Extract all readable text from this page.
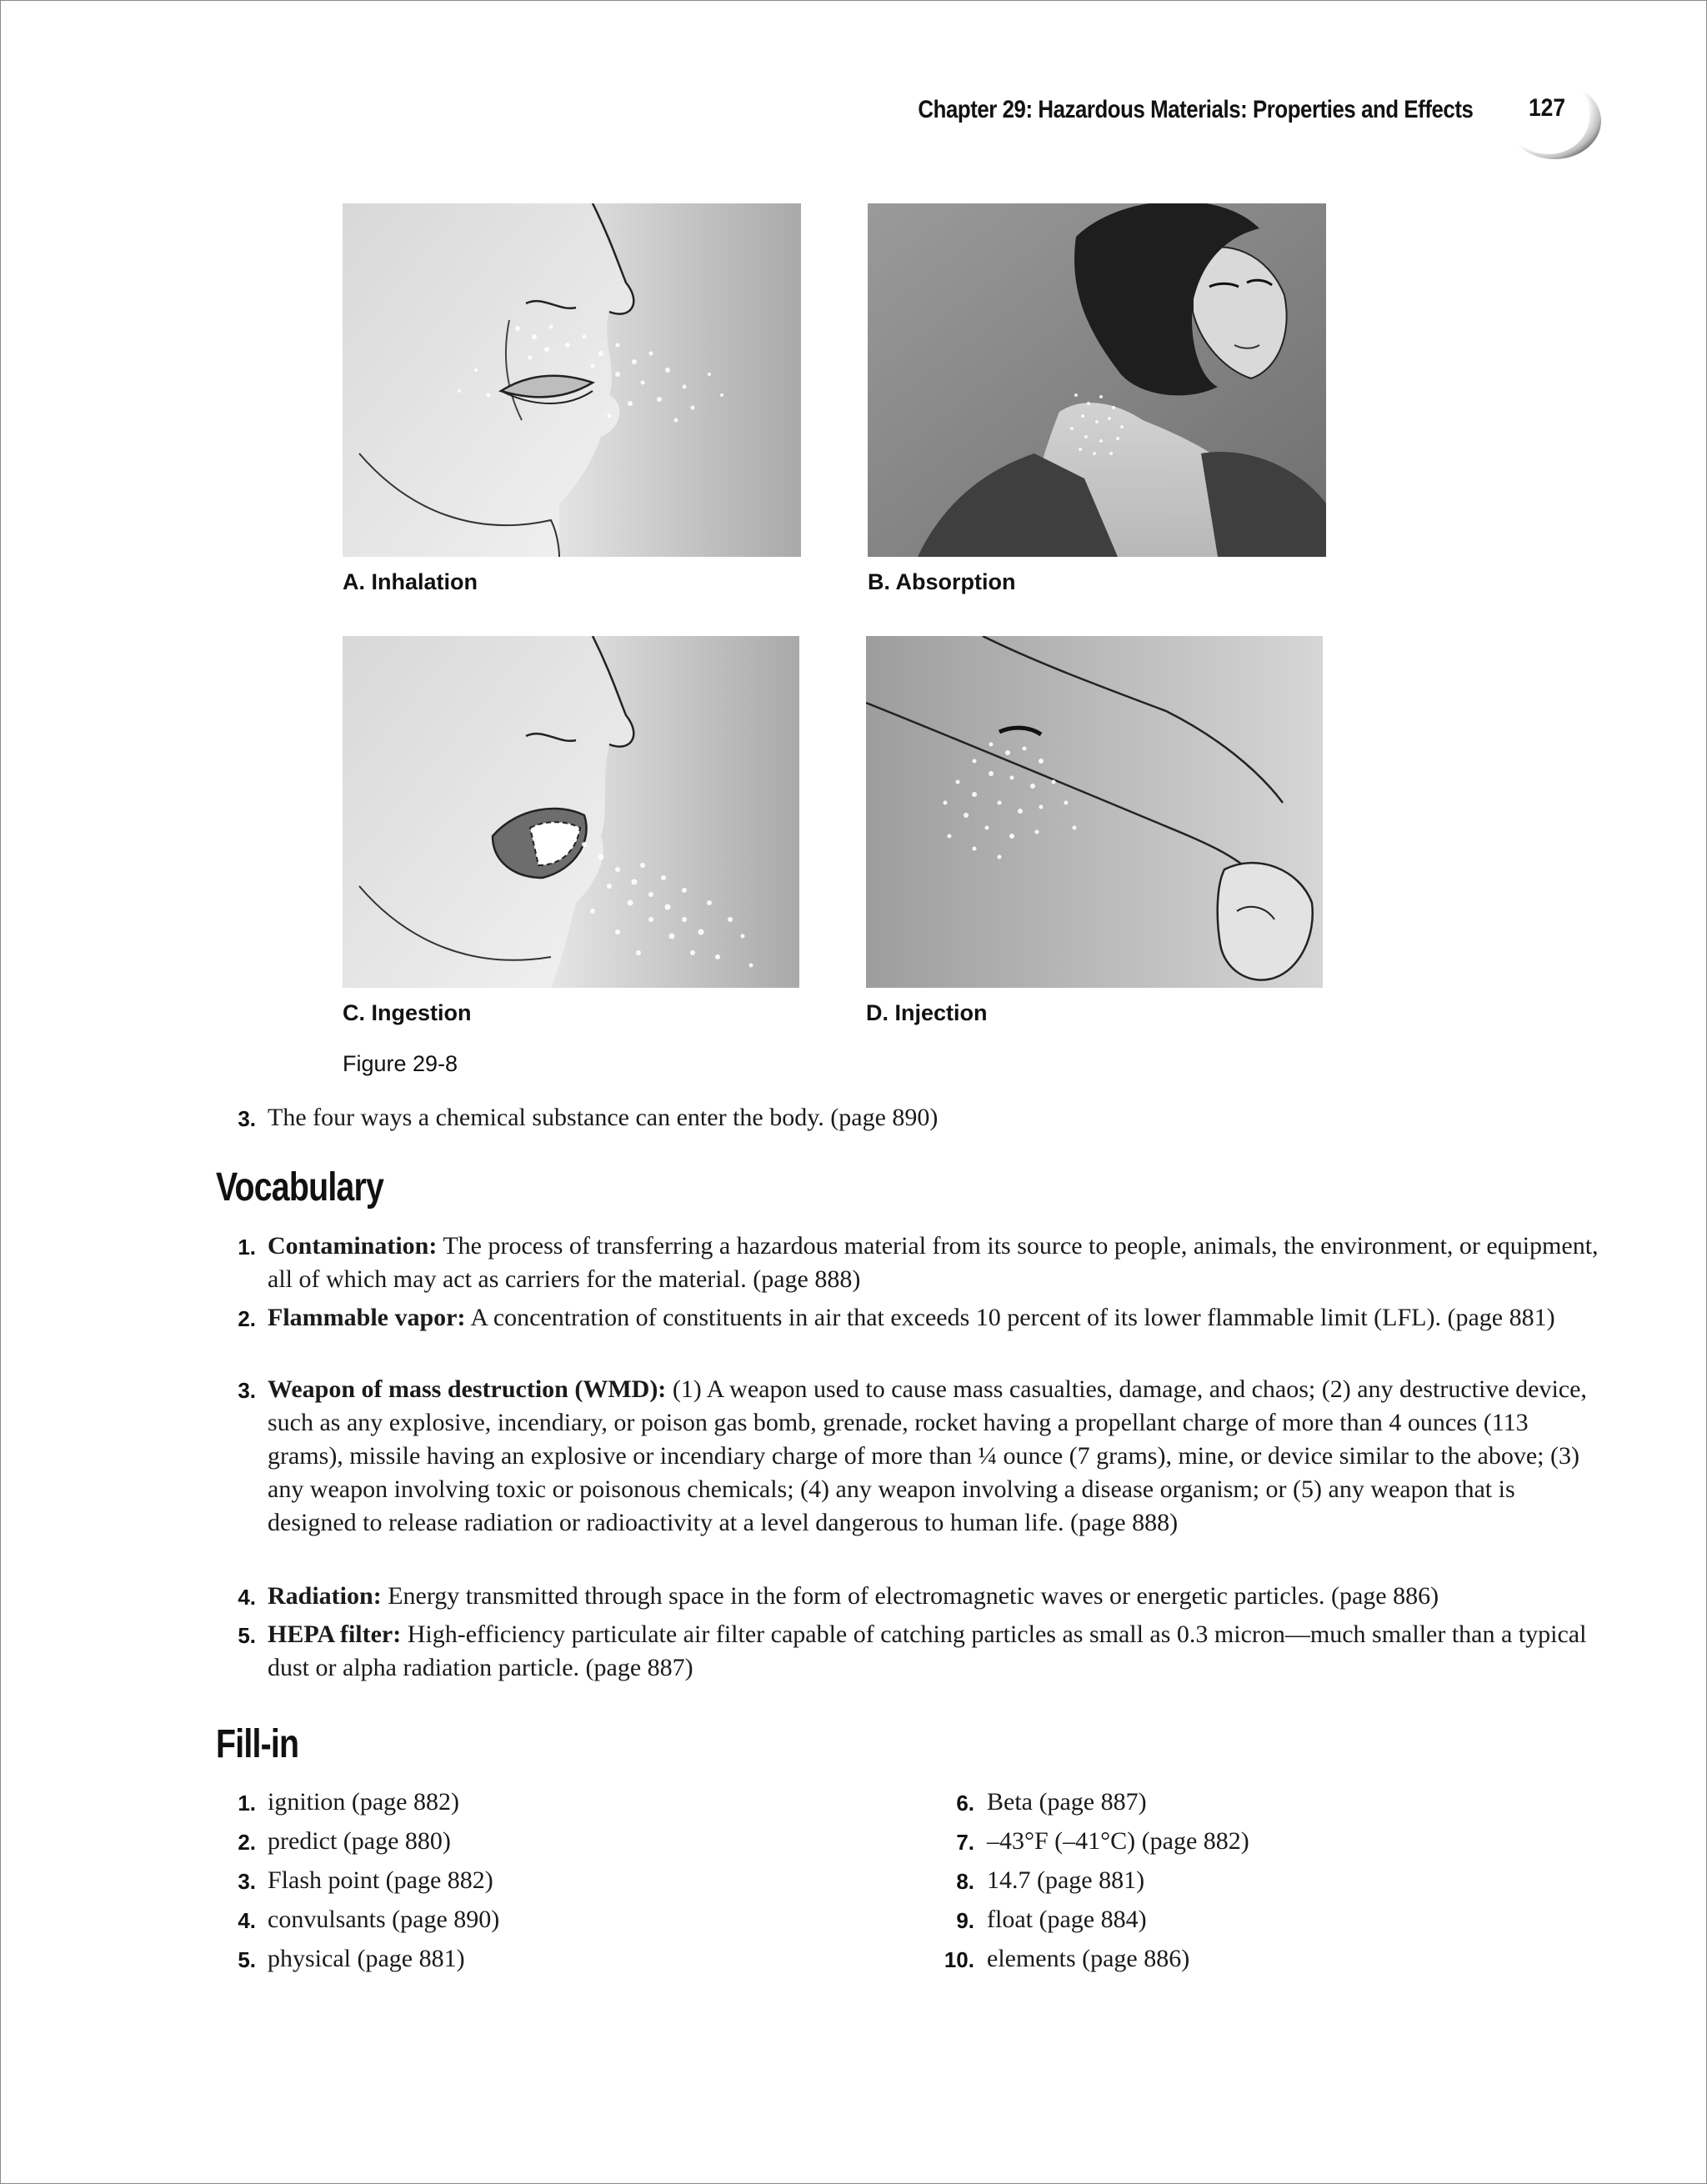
Chapter 29: Hazardous Materials: Properties and Effects	127
A. Inhalation	B. Absorption
C. Ingestion	D. Injection
Figure 29-8
3. The four ways a chemical substance can enter the body. (page 890)
Vocabulary
1. Contamination: The process of transferring a hazardous material from its source to people, animals, the environment, or equipment, all of which may act as carriers for the material. (page 888)
2. Flammable vapor: A concentration of constituents in air that exceeds 10 percent of its lower flammable limit (LFL). (page 881)
3. Weapon of mass destruction (WMD): (1) A weapon used to cause mass casualties, damage, and chaos; (2) any destructive device, such as any explosive, incendiary, or poison gas bomb, grenade, rocket having a propellant charge of more than 4 ounces (113 grams), missile having an explosive or incendiary charge of more than ¼ ounce (7 grams), mine, or device similar to the above; (3) any weapon involving toxic or poisonous chemicals; (4) any weapon involving a disease organism; or (5) any weapon that is designed to release radiation or radioactivity at a level dangerous to human life. (page 888)
4. Radiation: Energy transmitted through space in the form of electromagnetic waves or energetic particles. (page 886)
5. HEPA filter: High-efficiency particulate air filter capable of catching particles as small as 0.3 micron—much smaller than a typical dust or alpha radiation particle. (page 887)
Fill-in
1. ignition (page 882)
2. predict (page 880)
3. Flash point (page 882)
4. convulsants (page 890)
5. physical (page 881)
6. Beta (page 887)
7. –43°F (–41°C) (page 882)
8. 14.7 (page 881)
9. float (page 884)
10. elements (page 886)
